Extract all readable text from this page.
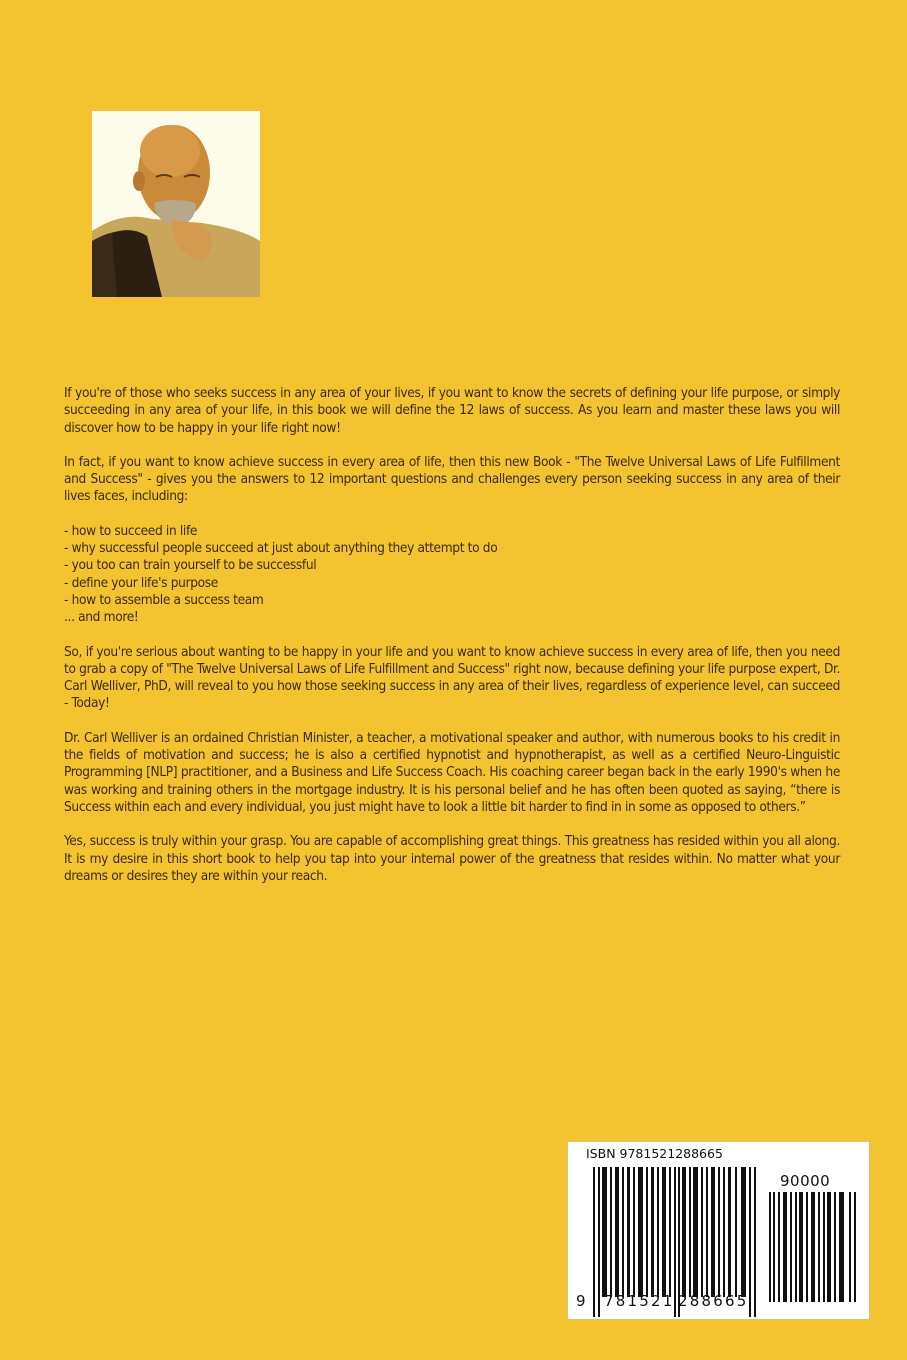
If you're of those who seeks success in any area of your lives, if you want to know the secrets of defining your life purpose, or simply succeeding in any area of your life, in this book we will define the 12 laws of success. As you learn and master these laws you will discover how to be happy in your life right now!

In fact, if you want to know achieve success in every area of life, then this new Book - "The Twelve Universal Laws of Life Fulfillment and Success" - gives you the answers to 12 important questions and challenges every person seeking success in any area of their lives faces, including:

- how to succeed in life
- why successful people succeed at just about anything they attempt to do
- you too can train yourself to be successful
- define your life's purpose
- how to assemble a success team
... and more!

So, if you're serious about wanting to be happy in your life and you want to know achieve success in every area of life, then you need to grab a copy of "The Twelve Universal Laws of Life Fulfillment and Success" right now, because defining your life purpose expert, Dr. Carl Welliver, PhD, will reveal to you how those seeking success in any area of their lives, regardless of experience level, can succeed - Today!

Dr. Carl Welliver is an ordained Christian Minister, a teacher, a motivational speaker and author, with numerous books to his credit in the fields of motivation and success; he is also a certified hypnotist and hypnotherapist, as well as a certified Neuro-Linguistic Programming [NLP] practitioner, and a Business and Life Success Coach. His coaching career began back in the early 1990's when he was working and training others in the mortgage industry. It is his personal belief and he has often been quoted as saying, “there is Success within each and every individual, you just might have to look a little bit harder to find in in some as opposed to others.”

Yes, success is truly within your grasp. You are capable of accomplishing great things. This greatness has resided within you all along. It is my desire in this short book to help you tap into your internal power of the greatness that resides within. No matter what your dreams or desires they are within your reach.

ISBN 9781521288665
90000
9 781521 288665
